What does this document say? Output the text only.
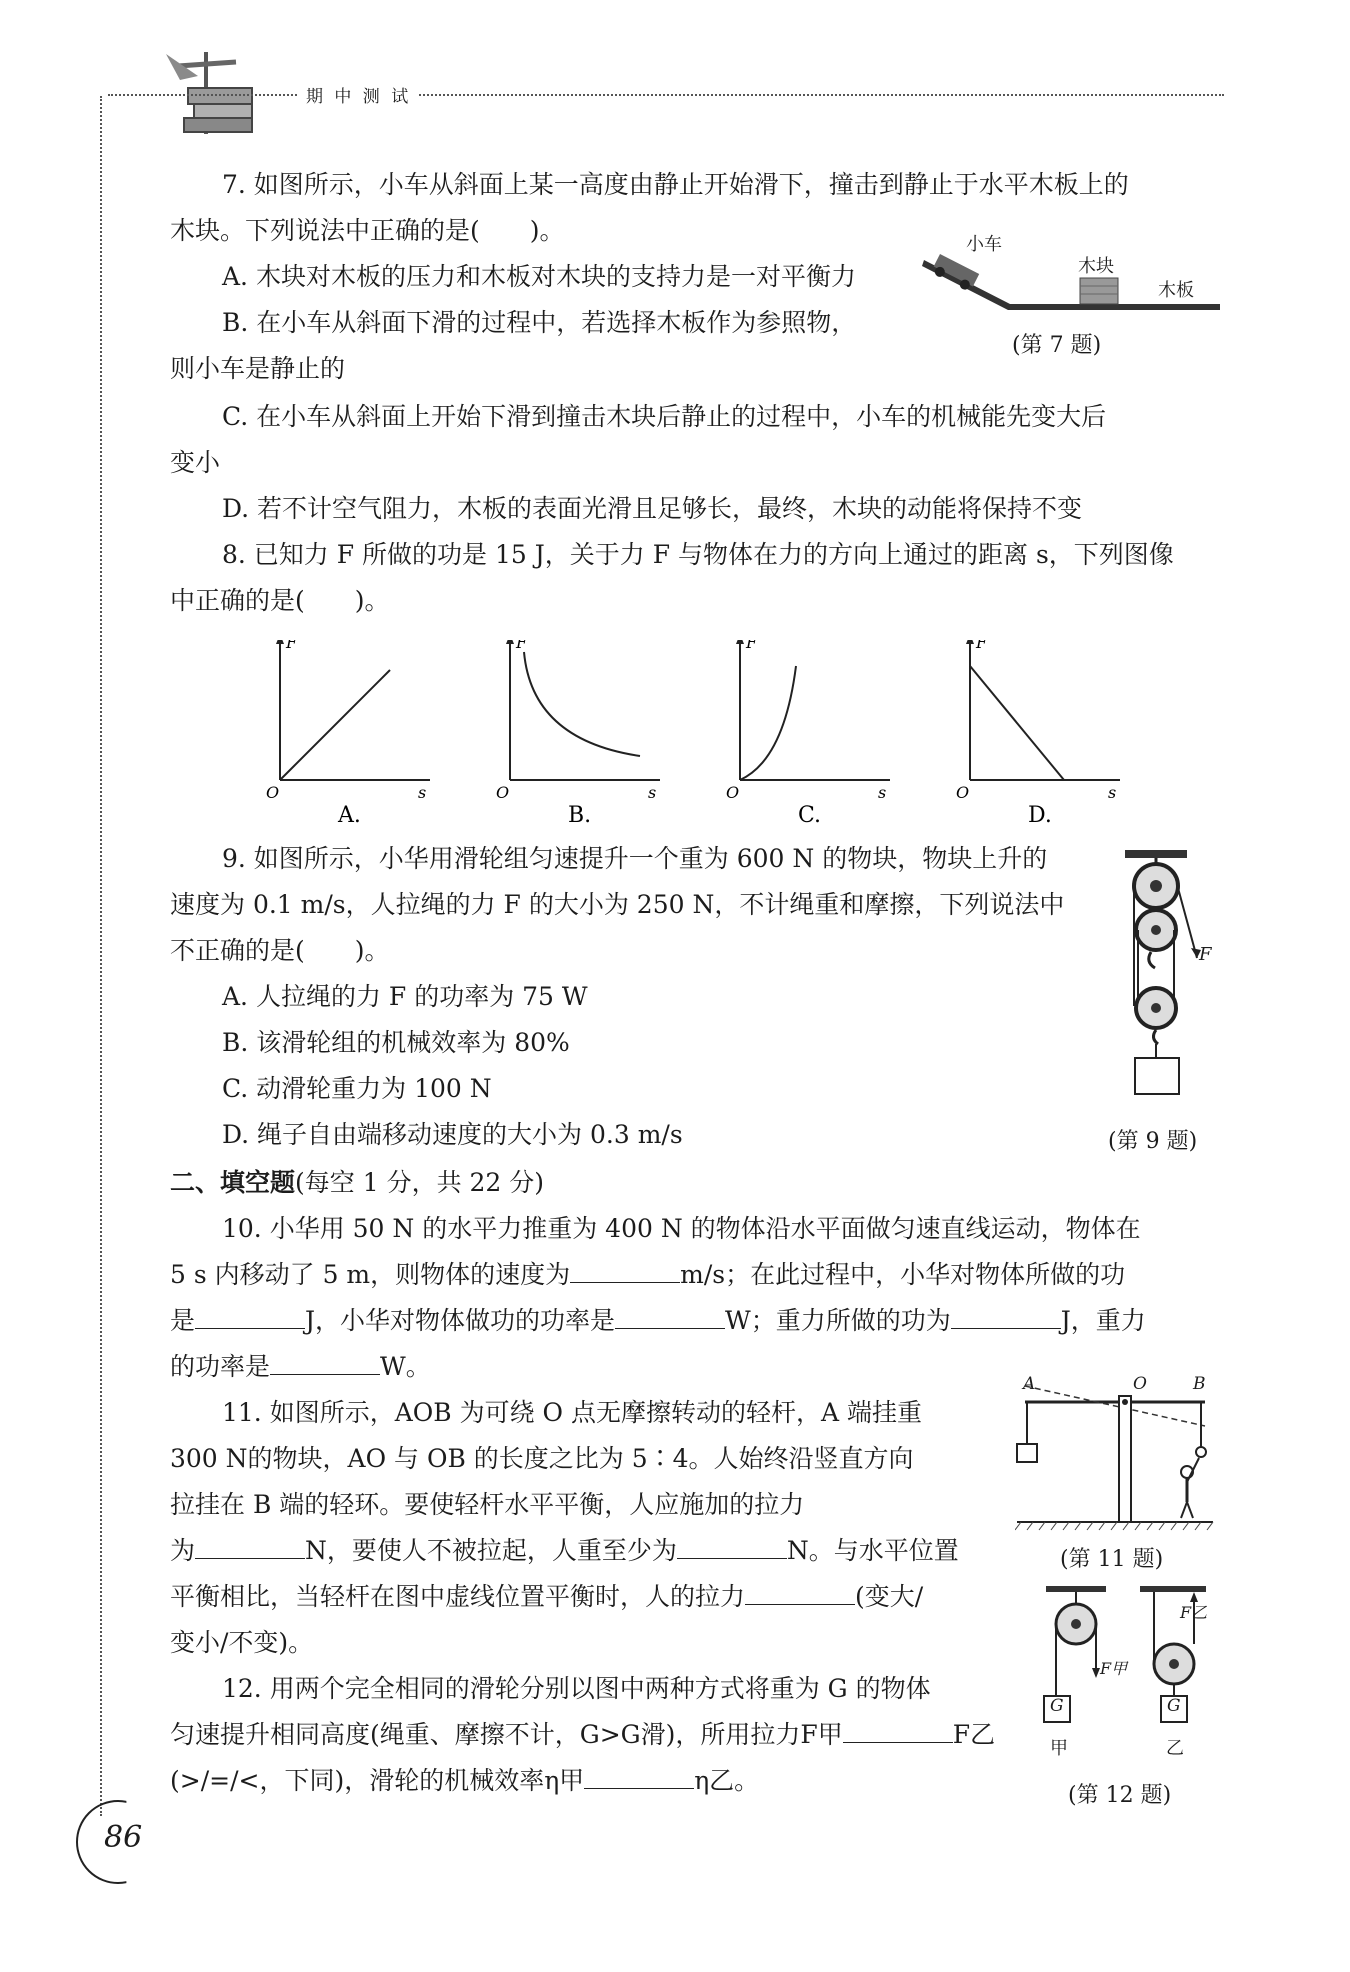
期 中 测 试
7. 如图所示，小车从斜面上某一高度由静止开始滑下，撞击到静止于水平木板上的
木块。下列说法中正确的是(　　)。
A. 木块对木板的压力和木板对木块的支持力是一对平衡力
B. 在小车从斜面下滑的过程中，若选择木板作为参照物，
则小车是静止的
C. 在小车从斜面上开始下滑到撞击木块后静止的过程中，小车的机械能先变大后
变小
D. 若不计空气阻力，木板的表面光滑且足够长，最终，木块的动能将保持不变
小车
木块
木板
(第 7 题)
8. 已知力 F 所做的功是 15 J，关于力 F 与物体在力的方向上通过的距离 s，下列图像
中正确的是(　　)。
F
s
O
A.
F
s
O
B.
F
s
O
C.
F
s
O
D.
9. 如图所示，小华用滑轮组匀速提升一个重为 600 N 的物块，物块上升的
速度为 0.1 m/s，人拉绳的力 F 的大小为 250 N，不计绳重和摩擦，下列说法中
不正确的是(　　)。
A. 人拉绳的力 F 的功率为 75 W
B. 该滑轮组的机械效率为 80%
C. 动滑轮重力为 100 N
D. 绳子自由端移动速度的大小为 0.3 m/s
F
(第 9 题)
二、填空题(每空 1 分，共 22 分)
10. 小华用 50 N 的水平力推重为 400 N 的物体沿水平面做匀速直线运动，物体在
5 s 内移动了 5 m，则物体的速度为	m/s；在此过程中，小华对物体所做的功
是	J，小华对物体做功的功率是	W；重力所做的功为	J，重力
的功率是	W。
11. 如图所示，AOB 为可绕 O 点无摩擦转动的轻杆，A 端挂重
300 N的物块，AO 与 OB 的长度之比为 5∶4。人始终沿竖直方向
拉挂在 B 端的轻环。要使轻杆水平平衡，人应施加的拉力
为	N，要使人不被拉起，人重至少为	N。与水平位置
平衡相比，当轻杆在图中虚线位置平衡时，人的拉力	(变大/
变小/不变)。
A	O	B
(第 11 题)
12. 用两个完全相同的滑轮分别以图中两种方式将重为 G 的物体
匀速提升相同高度(绳重、摩擦不计，G>G滑)，所用拉力F甲	F乙
(>/=/<，下同)，滑轮的机械效率η甲	η乙。
G	G
F甲
F乙
甲	乙
(第 12 题)
86
